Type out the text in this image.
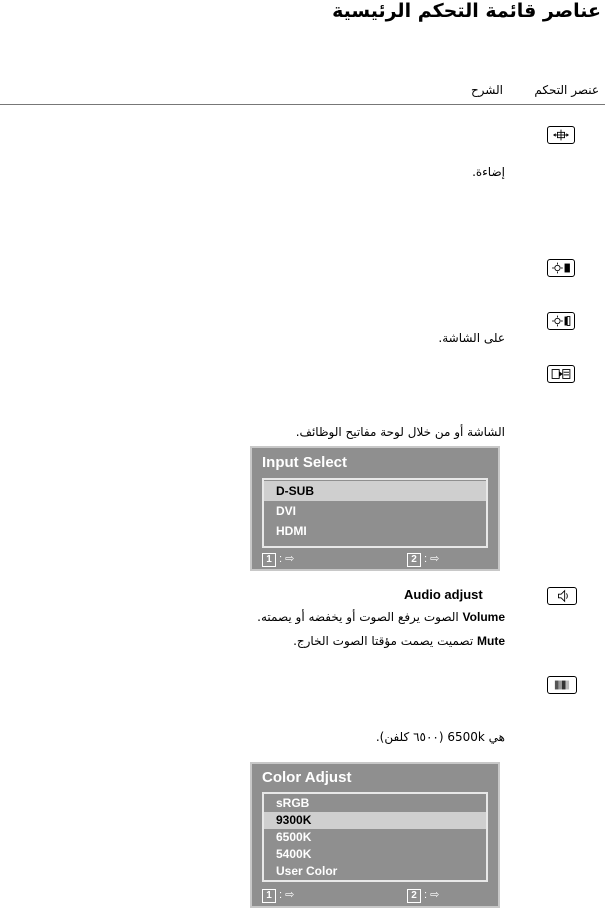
عناصر قائمة التحكم الرئيسية
عنصر التحكم
الشرح
إضاءة.
على الشاشة.
الشاشة أو من خلال لوحة مفاتيح الوظائف.
Input Select
D-SUB
DVI
HDMI
1 : ⇨	2 : ⇨
Audio adjust
Volume الصوت يرفع الصوت أو يخفضه أو يصمته.
Mute تصميت يصمت مؤقتا الصوت الخارج.
هي 6500k (٦٥٠٠ كلفن).
Color Adjust
sRGB
9300K
6500K
5400K
User Color
1 : ⇨	2 : ⇨
